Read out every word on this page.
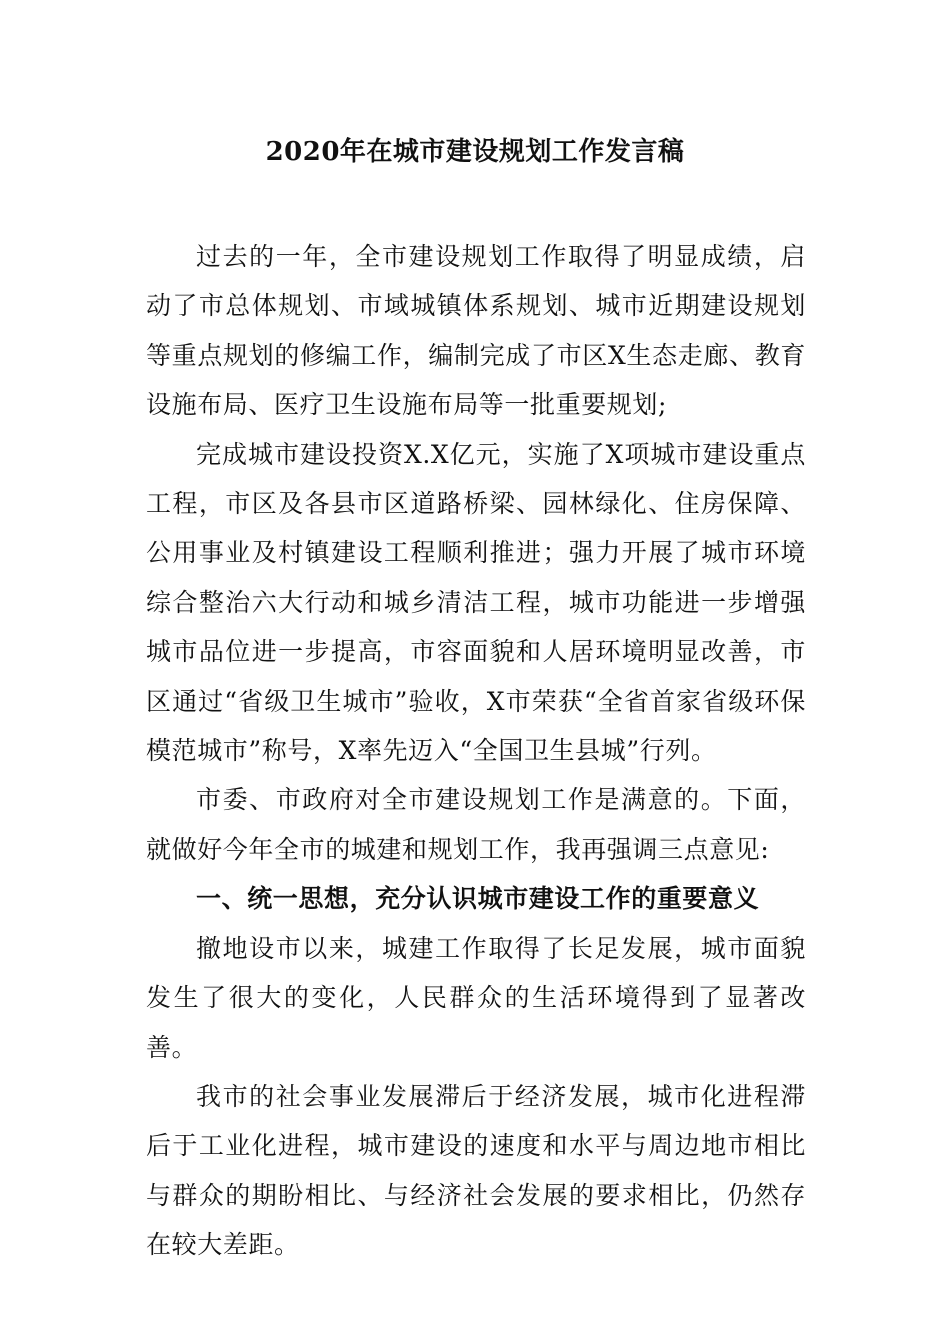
2020年在城市建设规划工作发言稿

过去的一年，全市建设规划工作取得了明显成绩，启动了市总体规划、市域城镇体系规划、城市近期建设规划等重点规划的修编工作，编制完成了市区X生态走廊、教育设施布局、医疗卫生设施布局等一批重要规划;

完成城市建设投资X.X亿元，实施了X项城市建设重点工程，市区及各县市区道路桥梁、园林绿化、住房保障、公用事业及村镇建设工程顺利推进；强力开展了城市环境综合整治六大行动和城乡清洁工程，城市功能进一步增强城市品位进一步提高，市容面貌和人居环境明显改善，市区通过“省级卫生城市”验收，X市荣获“全省首家省级环保模范城市”称号，X率先迈入“全国卫生县城”行列。

市委、市政府对全市建设规划工作是满意的。下面，就做好今年全市的城建和规划工作，我再强调三点意见:

一、统一思想，充分认识城市建设工作的重要意义

撤地设市以来，城建工作取得了长足发展，城市面貌发生了很大的变化，人民群众的生活环境得到了显著改善。

我市的社会事业发展滞后于经济发展，城市化进程滞后于工业化进程，城市建设的速度和水平与周边地市相比与群众的期盼相比、与经济社会发展的要求相比，仍然存在较大差距。
